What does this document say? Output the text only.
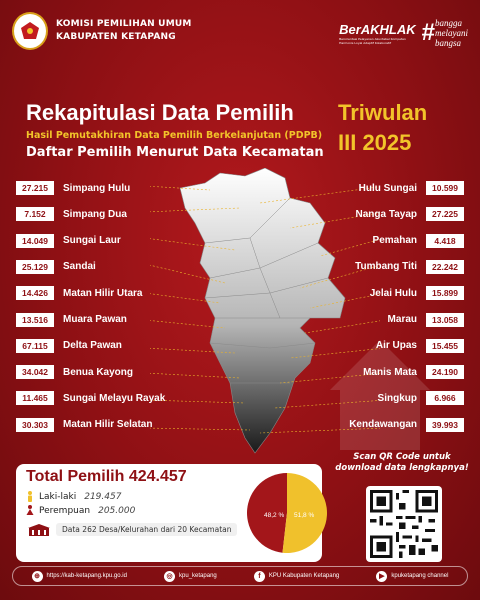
KOMISI PEMILIHAN UMUM
KABUPATEN KETAPANG
BerAKHLAK
Berorientasi Pelayanan Akuntabel Kompeten Harmonis Loyal Adaptif Kolaboratif	# bangga
melayani
bangsa
Rekapitulasi Data Pemilih Triwulan
III 2025
Hasil Pemutakhiran Data Pemilih Berkelanjutan (PDPB)
Daftar Pemilih Menurut Data Kecamatan
27.215	Simpang Hulu
7.152	Simpang Dua
14.049	Sungai Laur
25.129	Sandai
14.426	Matan Hilir Utara
13.516	Muara Pawan
67.115	Delta Pawan
34.042	Benua Kayong
11.465	Sungai Melayu Rayak
30.303	Matan Hilir Selatan
Hulu Sungai	10.599
Nanga Tayap	27.225
Pemahan	4.418
Tumbang Titi	22.242
Jelai Hulu	15.899
Marau	13.058
Air Upas	15.455
Manis Mata	24.190
Singkup	6.966
Kendawangan	39.993
Total Pemilih 424.457
Laki-laki 219.457
Perempuan 205.000
Data 262 Desa/Kelurahan dari 20 Kecamatan
48,2 % 51,8 %
Scan QR Code untuk
download data lengkapnya!
⊕	https://kab-ketapang.kpu.go.id	◎	kpu_ketapang	f	KPU Kabupaten Ketapang	▶	kpuketapang channel
